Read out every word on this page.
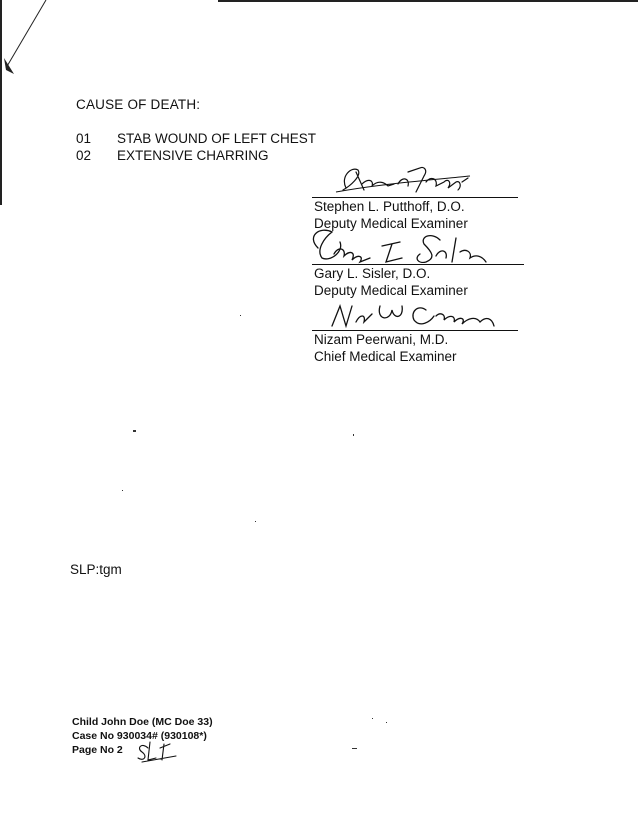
CAUSE OF DEATH:
01 STAB WOUND OF LEFT CHEST
02 EXTENSIVE CHARRING
Stephen L. Putthoff, D.O.
Deputy Medical Examiner
Gary L. Sisler, D.O.
Deputy Medical Examiner
Nizam Peerwani, M.D.
Chief Medical Examiner
SLP:tgm
Child John Doe (MC Doe 33)
Case No 930034# (930108*)
Page No 2
